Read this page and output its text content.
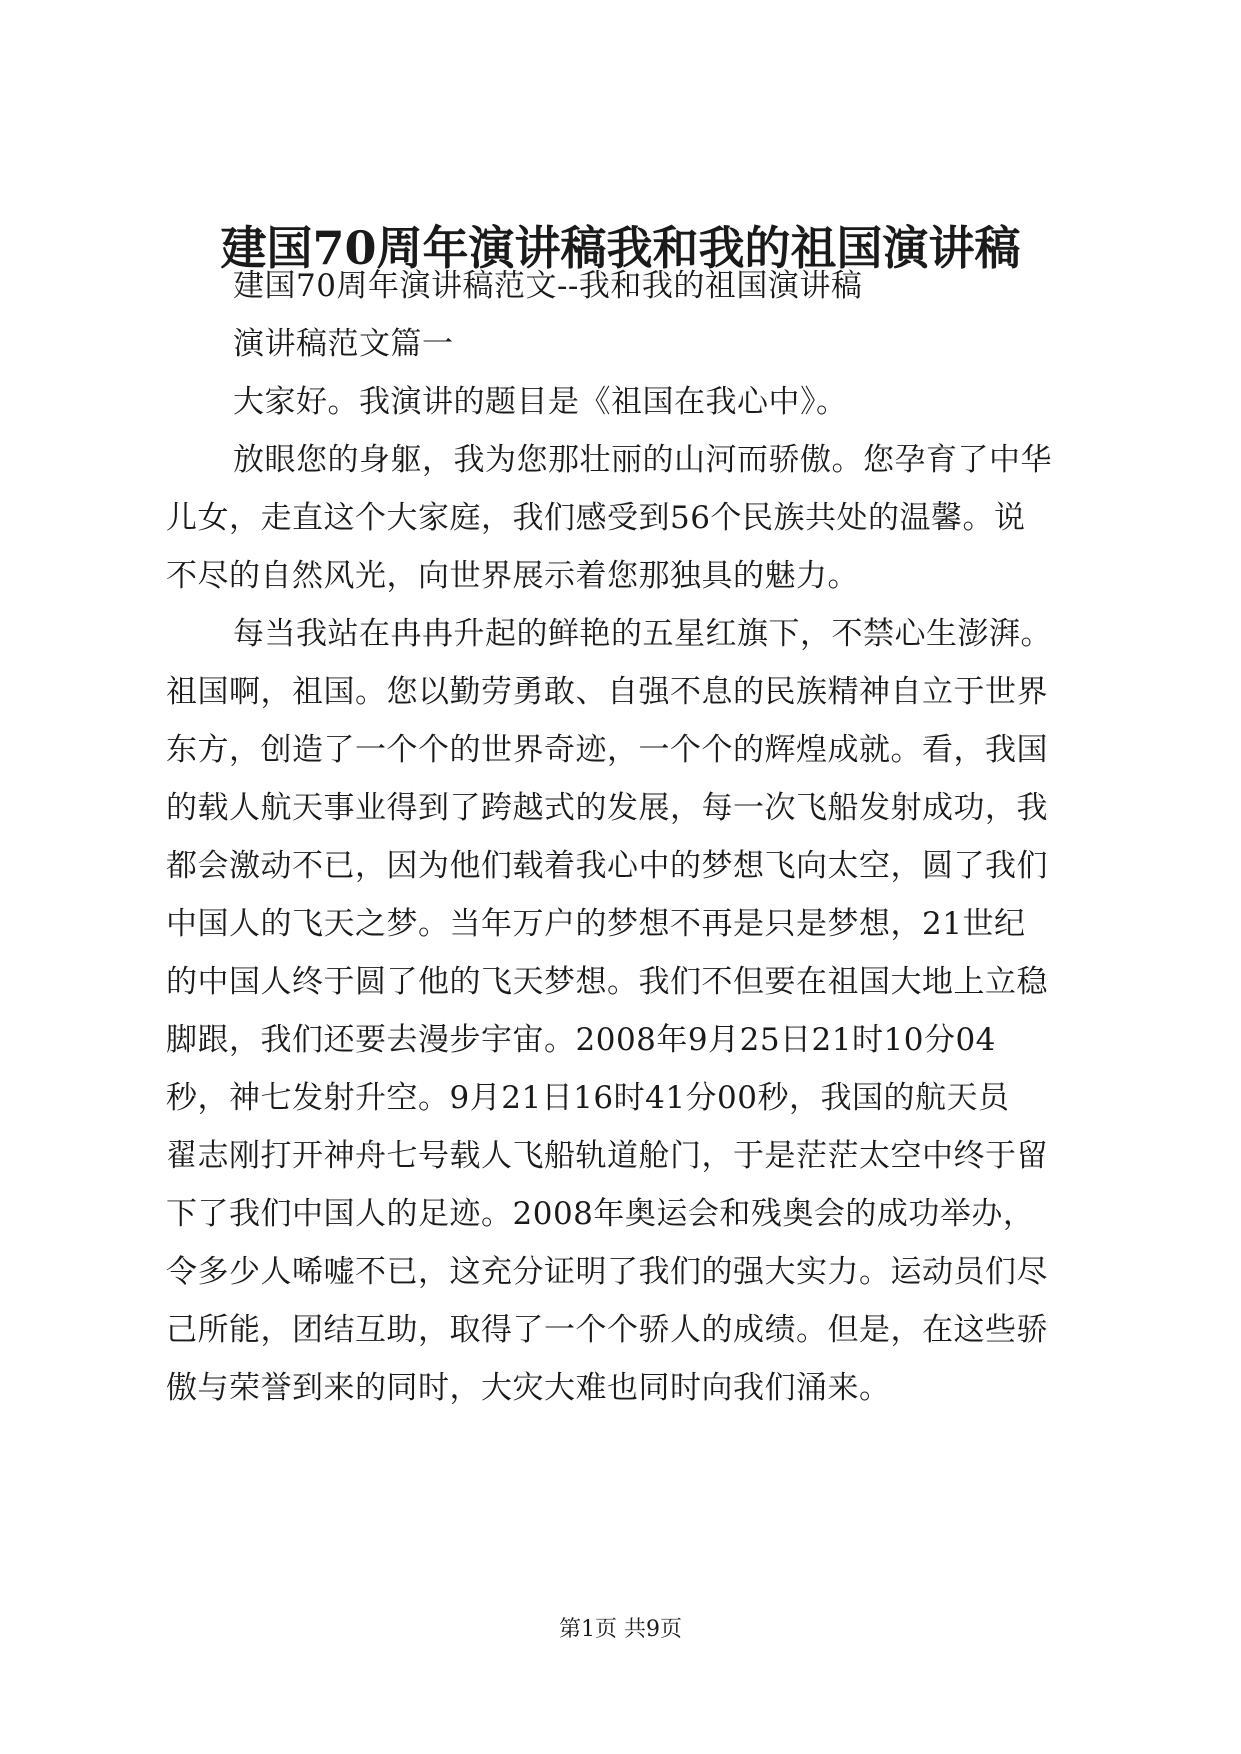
建国70周年演讲稿我和我的祖国演讲稿
建国70周年演讲稿范文--我和我的祖国演讲稿
演讲稿范文篇一
大家好。我演讲的题目是《祖国在我心中》。
放眼您的身躯，我为您那壮丽的山河而骄傲。您孕育了中华
儿女，走直这个大家庭，我们感受到56个民族共处的温馨。说
不尽的自然风光，向世界展示着您那独具的魅力。
每当我站在冉冉升起的鲜艳的五星红旗下，不禁心生澎湃。
祖国啊，祖国。您以勤劳勇敢、自强不息的民族精神自立于世界
东方，创造了一个个的世界奇迹，一个个的辉煌成就。看，我国
的载人航天事业得到了跨越式的发展，每一次飞船发射成功，我
都会激动不已，因为他们载着我心中的梦想飞向太空，圆了我们
中国人的飞天之梦。当年万户的梦想不再是只是梦想，21世纪
的中国人终于圆了他的飞天梦想。我们不但要在祖国大地上立稳
脚跟，我们还要去漫步宇宙。2008年9月25日21时10分04
秒，神七发射升空。9月21日16时41分00秒，我国的航天员
翟志刚打开神舟七号载人飞船轨道舱门，于是茫茫太空中终于留
下了我们中国人的足迹。2008年奥运会和残奥会的成功举办，
令多少人唏嘘不已，这充分证明了我们的强大实力。运动员们尽
己所能，团结互助，取得了一个个骄人的成绩。但是，在这些骄
傲与荣誉到来的同时，大灾大难也同时向我们涌来。
第1页 共9页
